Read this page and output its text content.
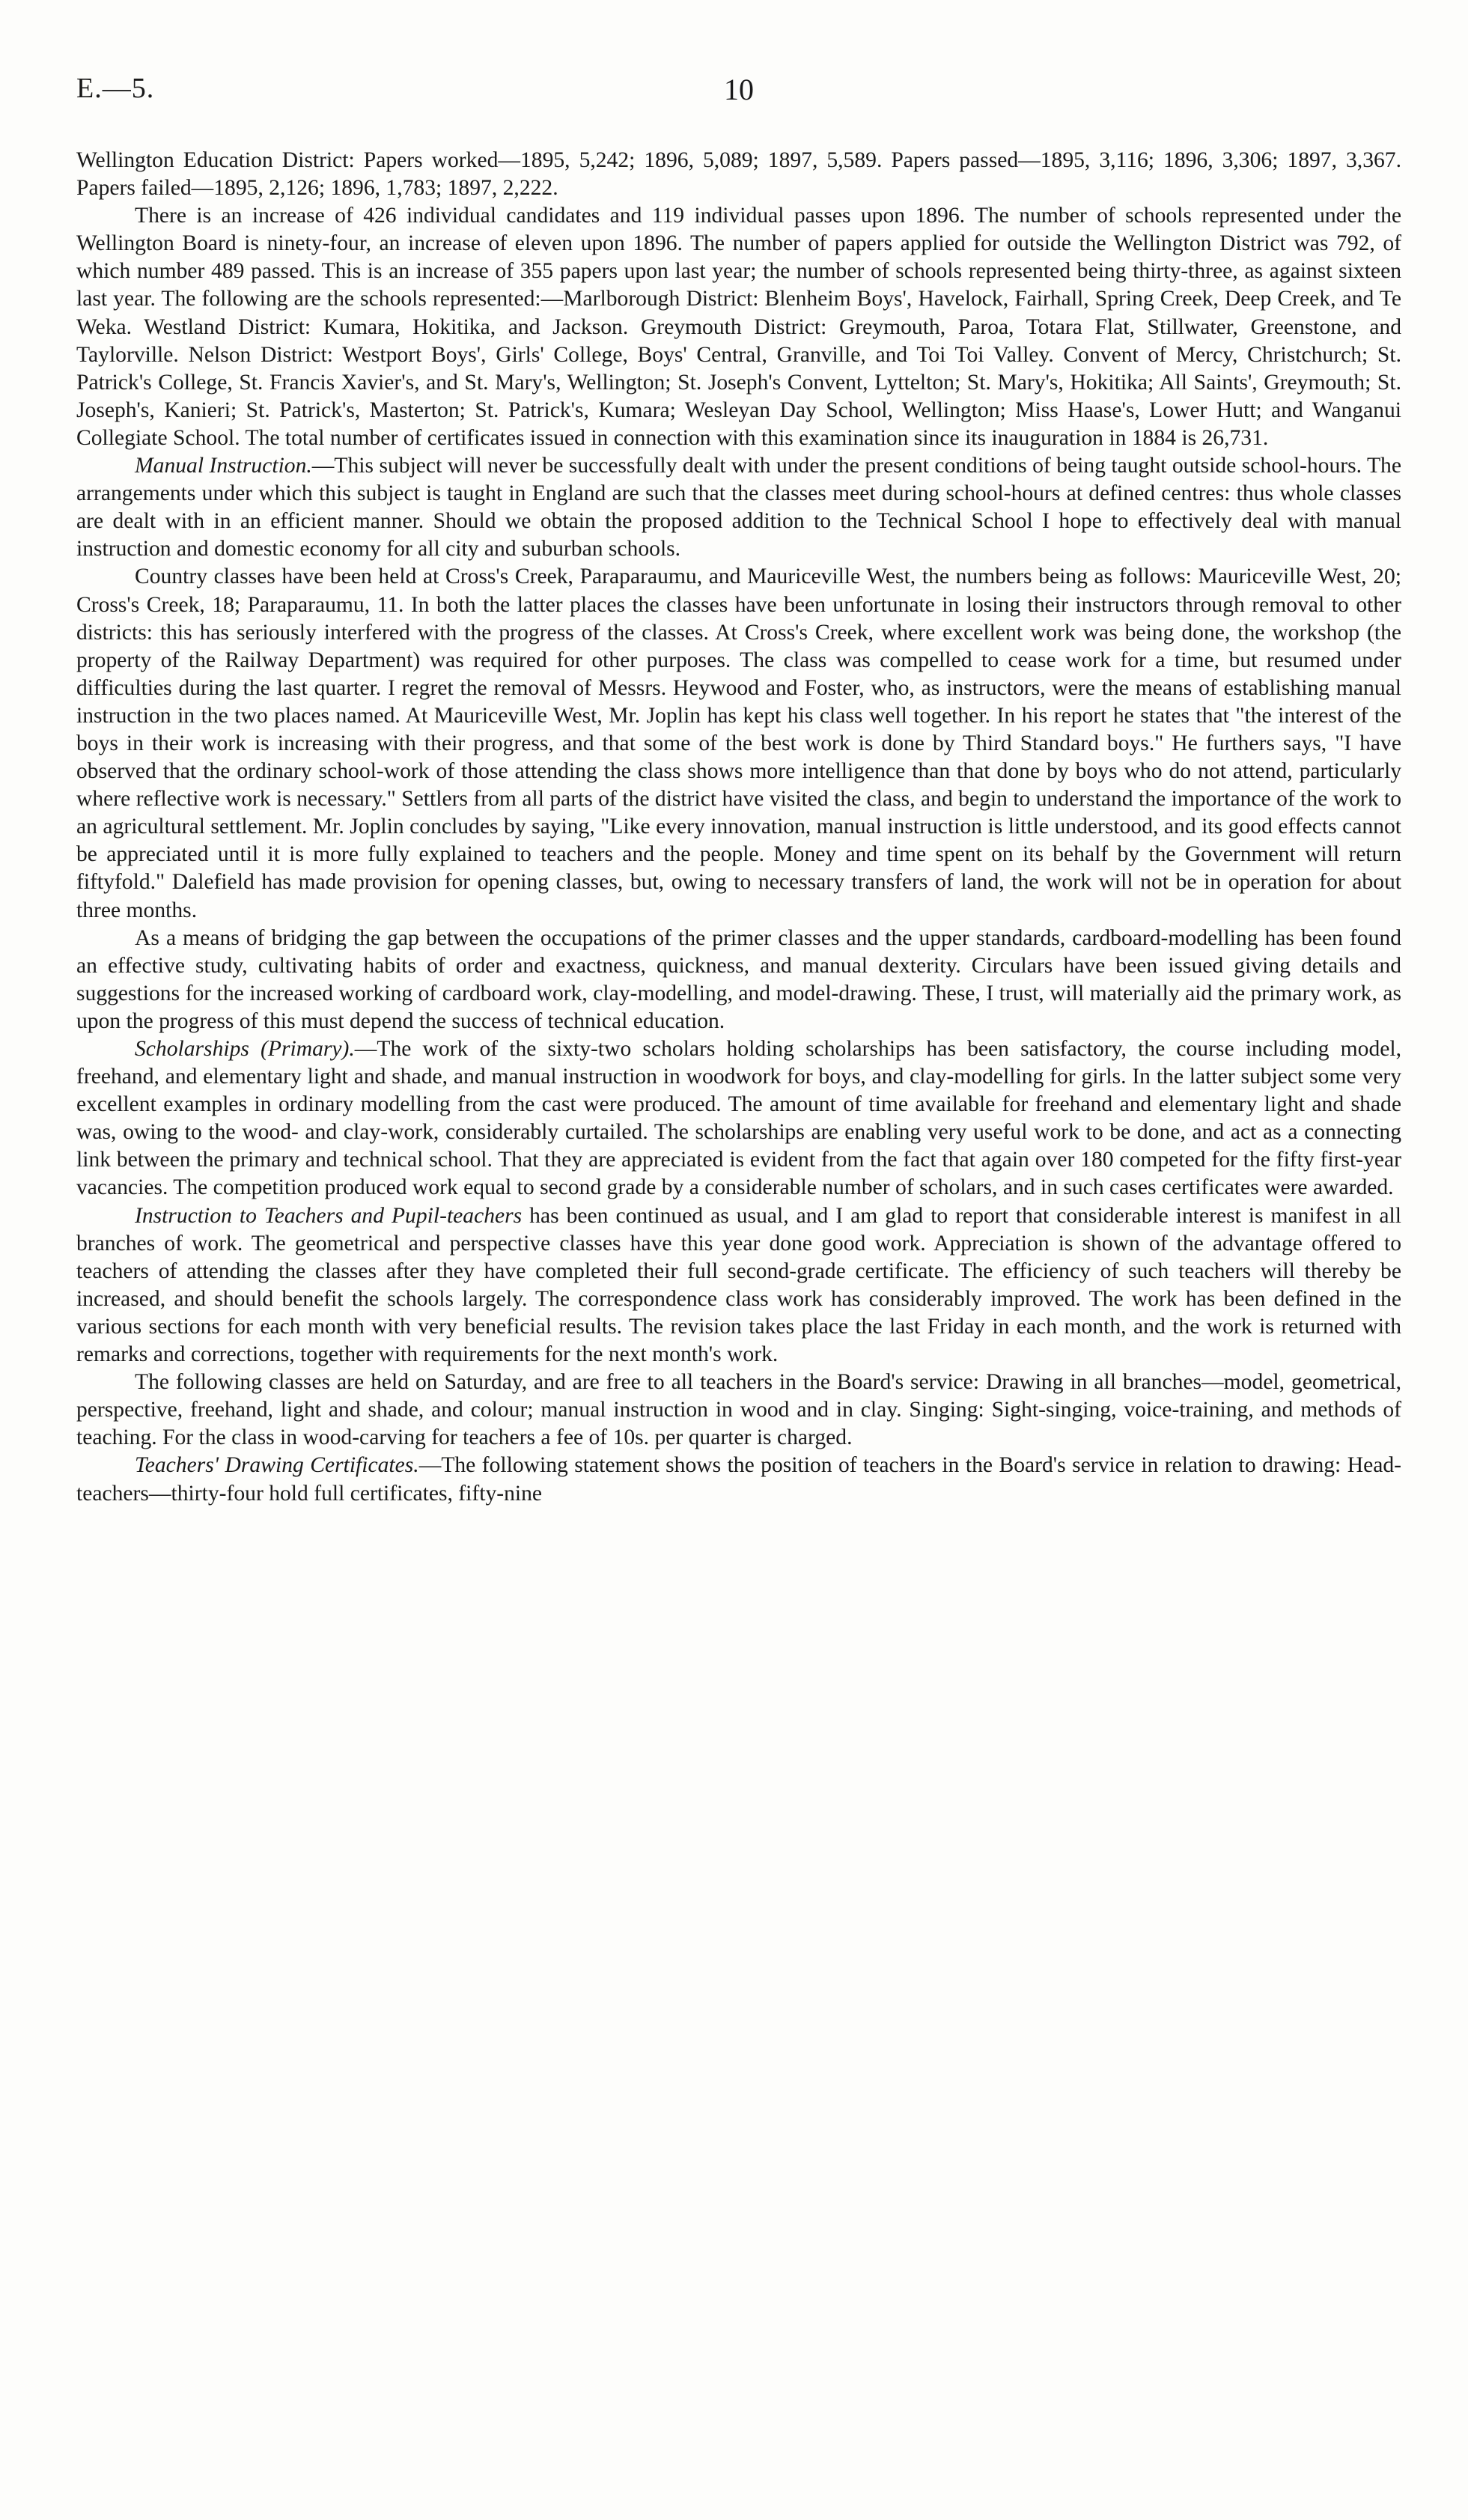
E.—5.	10

Wellington Education District: Papers worked—1895, 5,242; 1896, 5,089; 1897, 5,589. Papers passed—1895, 3,116; 1896, 3,306; 1897, 3,367. Papers failed—1895, 2,126; 1896, 1,783; 1897, 2,222.

There is an increase of 426 individual candidates and 119 individual passes upon 1896. The number of schools represented under the Wellington Board is ninety-four, an increase of eleven upon 1896. The number of papers applied for outside the Wellington District was 792, of which number 489 passed. This is an increase of 355 papers upon last year; the number of schools represented being thirty-three, as against sixteen last year. The following are the schools represented:—Marlborough District: Blenheim Boys', Havelock, Fairhall, Spring Creek, Deep Creek, and Te Weka. Westland District: Kumara, Hokitika, and Jackson. Greymouth District: Greymouth, Paroa, Totara Flat, Stillwater, Greenstone, and Taylorville. Nelson District: Westport Boys', Girls' College, Boys' Central, Granville, and Toi Toi Valley. Convent of Mercy, Christchurch; St. Patrick's College, St. Francis Xavier's, and St. Mary's, Wellington; St. Joseph's Convent, Lyttelton; St. Mary's, Hokitika; All Saints', Greymouth; St. Joseph's, Kanieri; St. Patrick's, Masterton; St. Patrick's, Kumara; Wesleyan Day School, Wellington; Miss Haase's, Lower Hutt; and Wanganui Collegiate School. The total number of certificates issued in connection with this examination since its inauguration in 1884 is 26,731.

Manual Instruction.—This subject will never be successfully dealt with under the present conditions of being taught outside school-hours. The arrangements under which this subject is taught in England are such that the classes meet during school-hours at defined centres: thus whole classes are dealt with in an efficient manner. Should we obtain the proposed addition to the Technical School I hope to effectively deal with manual instruction and domestic economy for all city and suburban schools.

Country classes have been held at Cross's Creek, Paraparaumu, and Mauriceville West, the numbers being as follows: Mauriceville West, 20; Cross's Creek, 18; Paraparaumu, 11. In both the latter places the classes have been unfortunate in losing their instructors through removal to other districts: this has seriously interfered with the progress of the classes. At Cross's Creek, where excellent work was being done, the workshop (the property of the Railway Department) was required for other purposes. The class was compelled to cease work for a time, but resumed under difficulties during the last quarter. I regret the removal of Messrs. Heywood and Foster, who, as instructors, were the means of establishing manual instruction in the two places named. At Mauriceville West, Mr. Joplin has kept his class well together. In his report he states that "the interest of the boys in their work is increasing with their progress, and that some of the best work is done by Third Standard boys." He furthers says, "I have observed that the ordinary school-work of those attending the class shows more intelligence than that done by boys who do not attend, particularly where reflective work is necessary." Settlers from all parts of the district have visited the class, and begin to understand the importance of the work to an agricultural settlement. Mr. Joplin concludes by saying, "Like every innovation, manual instruction is little understood, and its good effects cannot be appreciated until it is more fully explained to teachers and the people. Money and time spent on its behalf by the Government will return fiftyfold." Dalefield has made provision for opening classes, but, owing to necessary transfers of land, the work will not be in operation for about three months.

As a means of bridging the gap between the occupations of the primer classes and the upper standards, cardboard-modelling has been found an effective study, cultivating habits of order and exactness, quickness, and manual dexterity. Circulars have been issued giving details and suggestions for the increased working of cardboard work, clay-modelling, and model-drawing. These, I trust, will materially aid the primary work, as upon the progress of this must depend the success of technical education.

Scholarships (Primary).—The work of the sixty-two scholars holding scholarships has been satisfactory, the course including model, freehand, and elementary light and shade, and manual instruction in woodwork for boys, and clay-modelling for girls. In the latter subject some very excellent examples in ordinary modelling from the cast were produced. The amount of time available for freehand and elementary light and shade was, owing to the wood- and clay-work, considerably curtailed. The scholarships are enabling very useful work to be done, and act as a connecting link between the primary and technical school. That they are appreciated is evident from the fact that again over 180 competed for the fifty first-year vacancies. The competition produced work equal to second grade by a considerable number of scholars, and in such cases certificates were awarded.

Instruction to Teachers and Pupil-teachers has been continued as usual, and I am glad to report that considerable interest is manifest in all branches of work. The geometrical and perspective classes have this year done good work. Appreciation is shown of the advantage offered to teachers of attending the classes after they have completed their full second-grade certificate. The efficiency of such teachers will thereby be increased, and should benefit the schools largely. The correspondence class work has considerably improved. The work has been defined in the various sections for each month with very beneficial results. The revision takes place the last Friday in each month, and the work is returned with remarks and corrections, together with requirements for the next month's work.

The following classes are held on Saturday, and are free to all teachers in the Board's service: Drawing in all branches—model, geometrical, perspective, freehand, light and shade, and colour; manual instruction in wood and in clay. Singing: Sight-singing, voice-training, and methods of teaching. For the class in wood-carving for teachers a fee of 10s. per quarter is charged.

Teachers' Drawing Certificates.—The following statement shows the position of teachers in the Board's service in relation to drawing: Head-teachers—thirty-four hold full certificates, fifty-nine
